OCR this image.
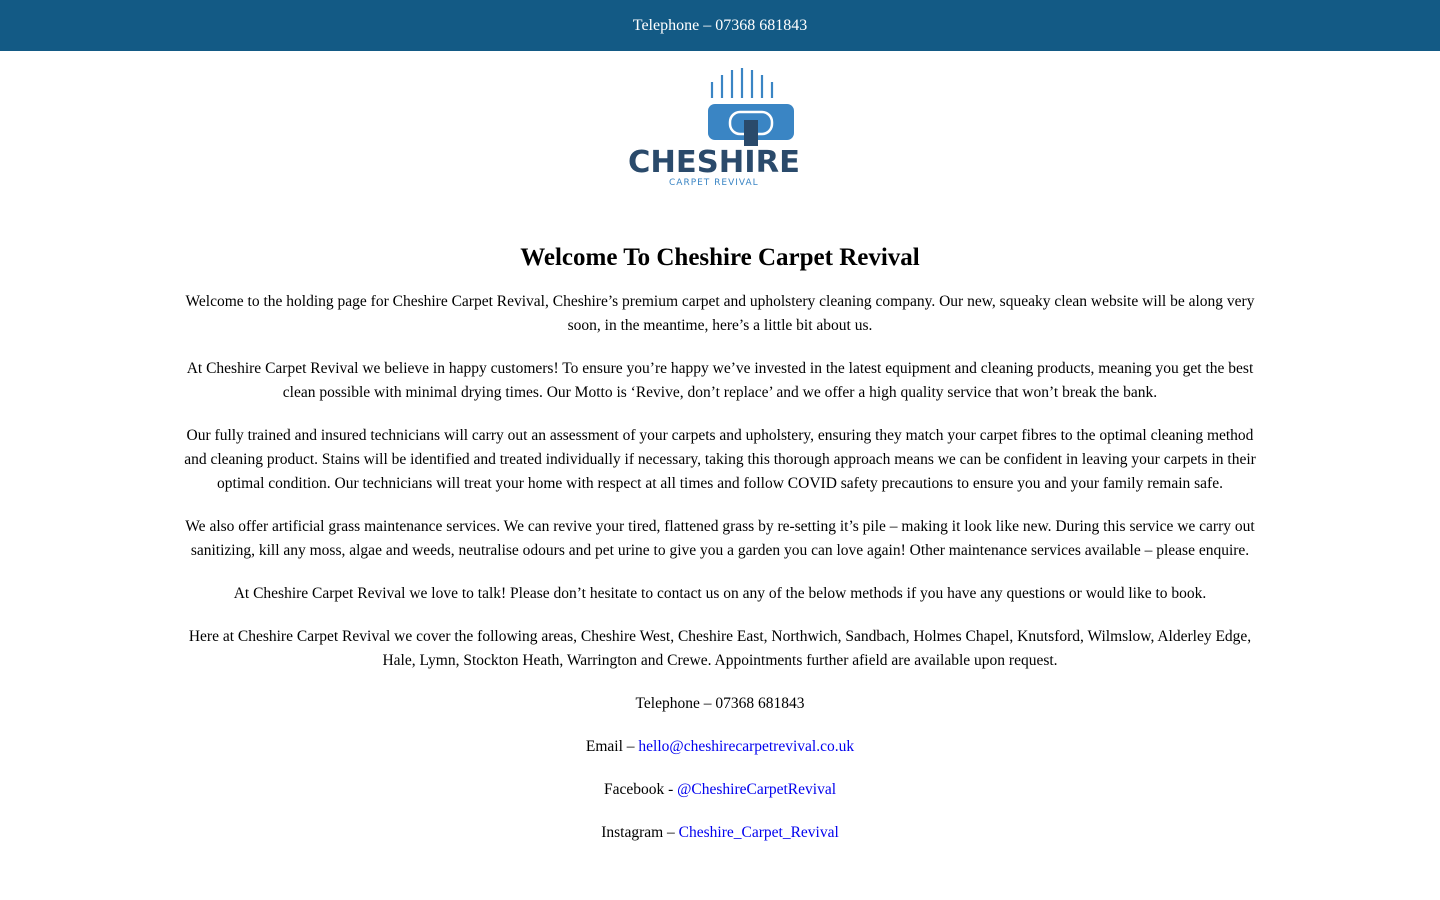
Telephone – 07368 681843
CHESHIRE
CARPET REVIVAL
Welcome To Cheshire Carpet Revival

Welcome to the holding page for Cheshire Carpet Revival, Cheshire’s premium carpet and upholstery cleaning company. Our new, squeaky clean website will be along very soon, in the meantime, here’s a little bit about us.

At Cheshire Carpet Revival we believe in happy customers! To ensure you’re happy we’ve invested in the latest equipment and cleaning products, meaning you get the best clean possible with minimal drying times. Our Motto is ‘Revive, don’t replace’ and we offer a high quality service that won’t break the bank.

Our fully trained and insured technicians will carry out an assessment of your carpets and upholstery, ensuring they match your carpet fibres to the optimal cleaning method and cleaning product. Stains will be identified and treated individually if necessary, taking this thorough approach means we can be confident in leaving your carpets in their optimal condition. Our technicians will treat your home with respect at all times and follow COVID safety precautions to ensure you and your family remain safe.

We also offer artificial grass maintenance services. We can revive your tired, flattened grass by re-setting it’s pile – making it look like new. During this service we carry out sanitizing, kill any moss, algae and weeds, neutralise odours and pet urine to give you a garden you can love again! Other maintenance services available – please enquire.

At Cheshire Carpet Revival we love to talk! Please don’t hesitate to contact us on any of the below methods if you have any questions or would like to book.

Here at Cheshire Carpet Revival we cover the following areas, Cheshire West, Cheshire East, Northwich, Sandbach, Holmes Chapel, Knutsford, Wilmslow, Alderley Edge, Hale, Lymn, Stockton Heath, Warrington and Crewe. Appointments further afield are available upon request.

Telephone – 07368 681843

Email – hello@cheshirecarpetrevival.co.uk

Facebook - @CheshireCarpetRevival

Instagram – Cheshire_Carpet_Revival
